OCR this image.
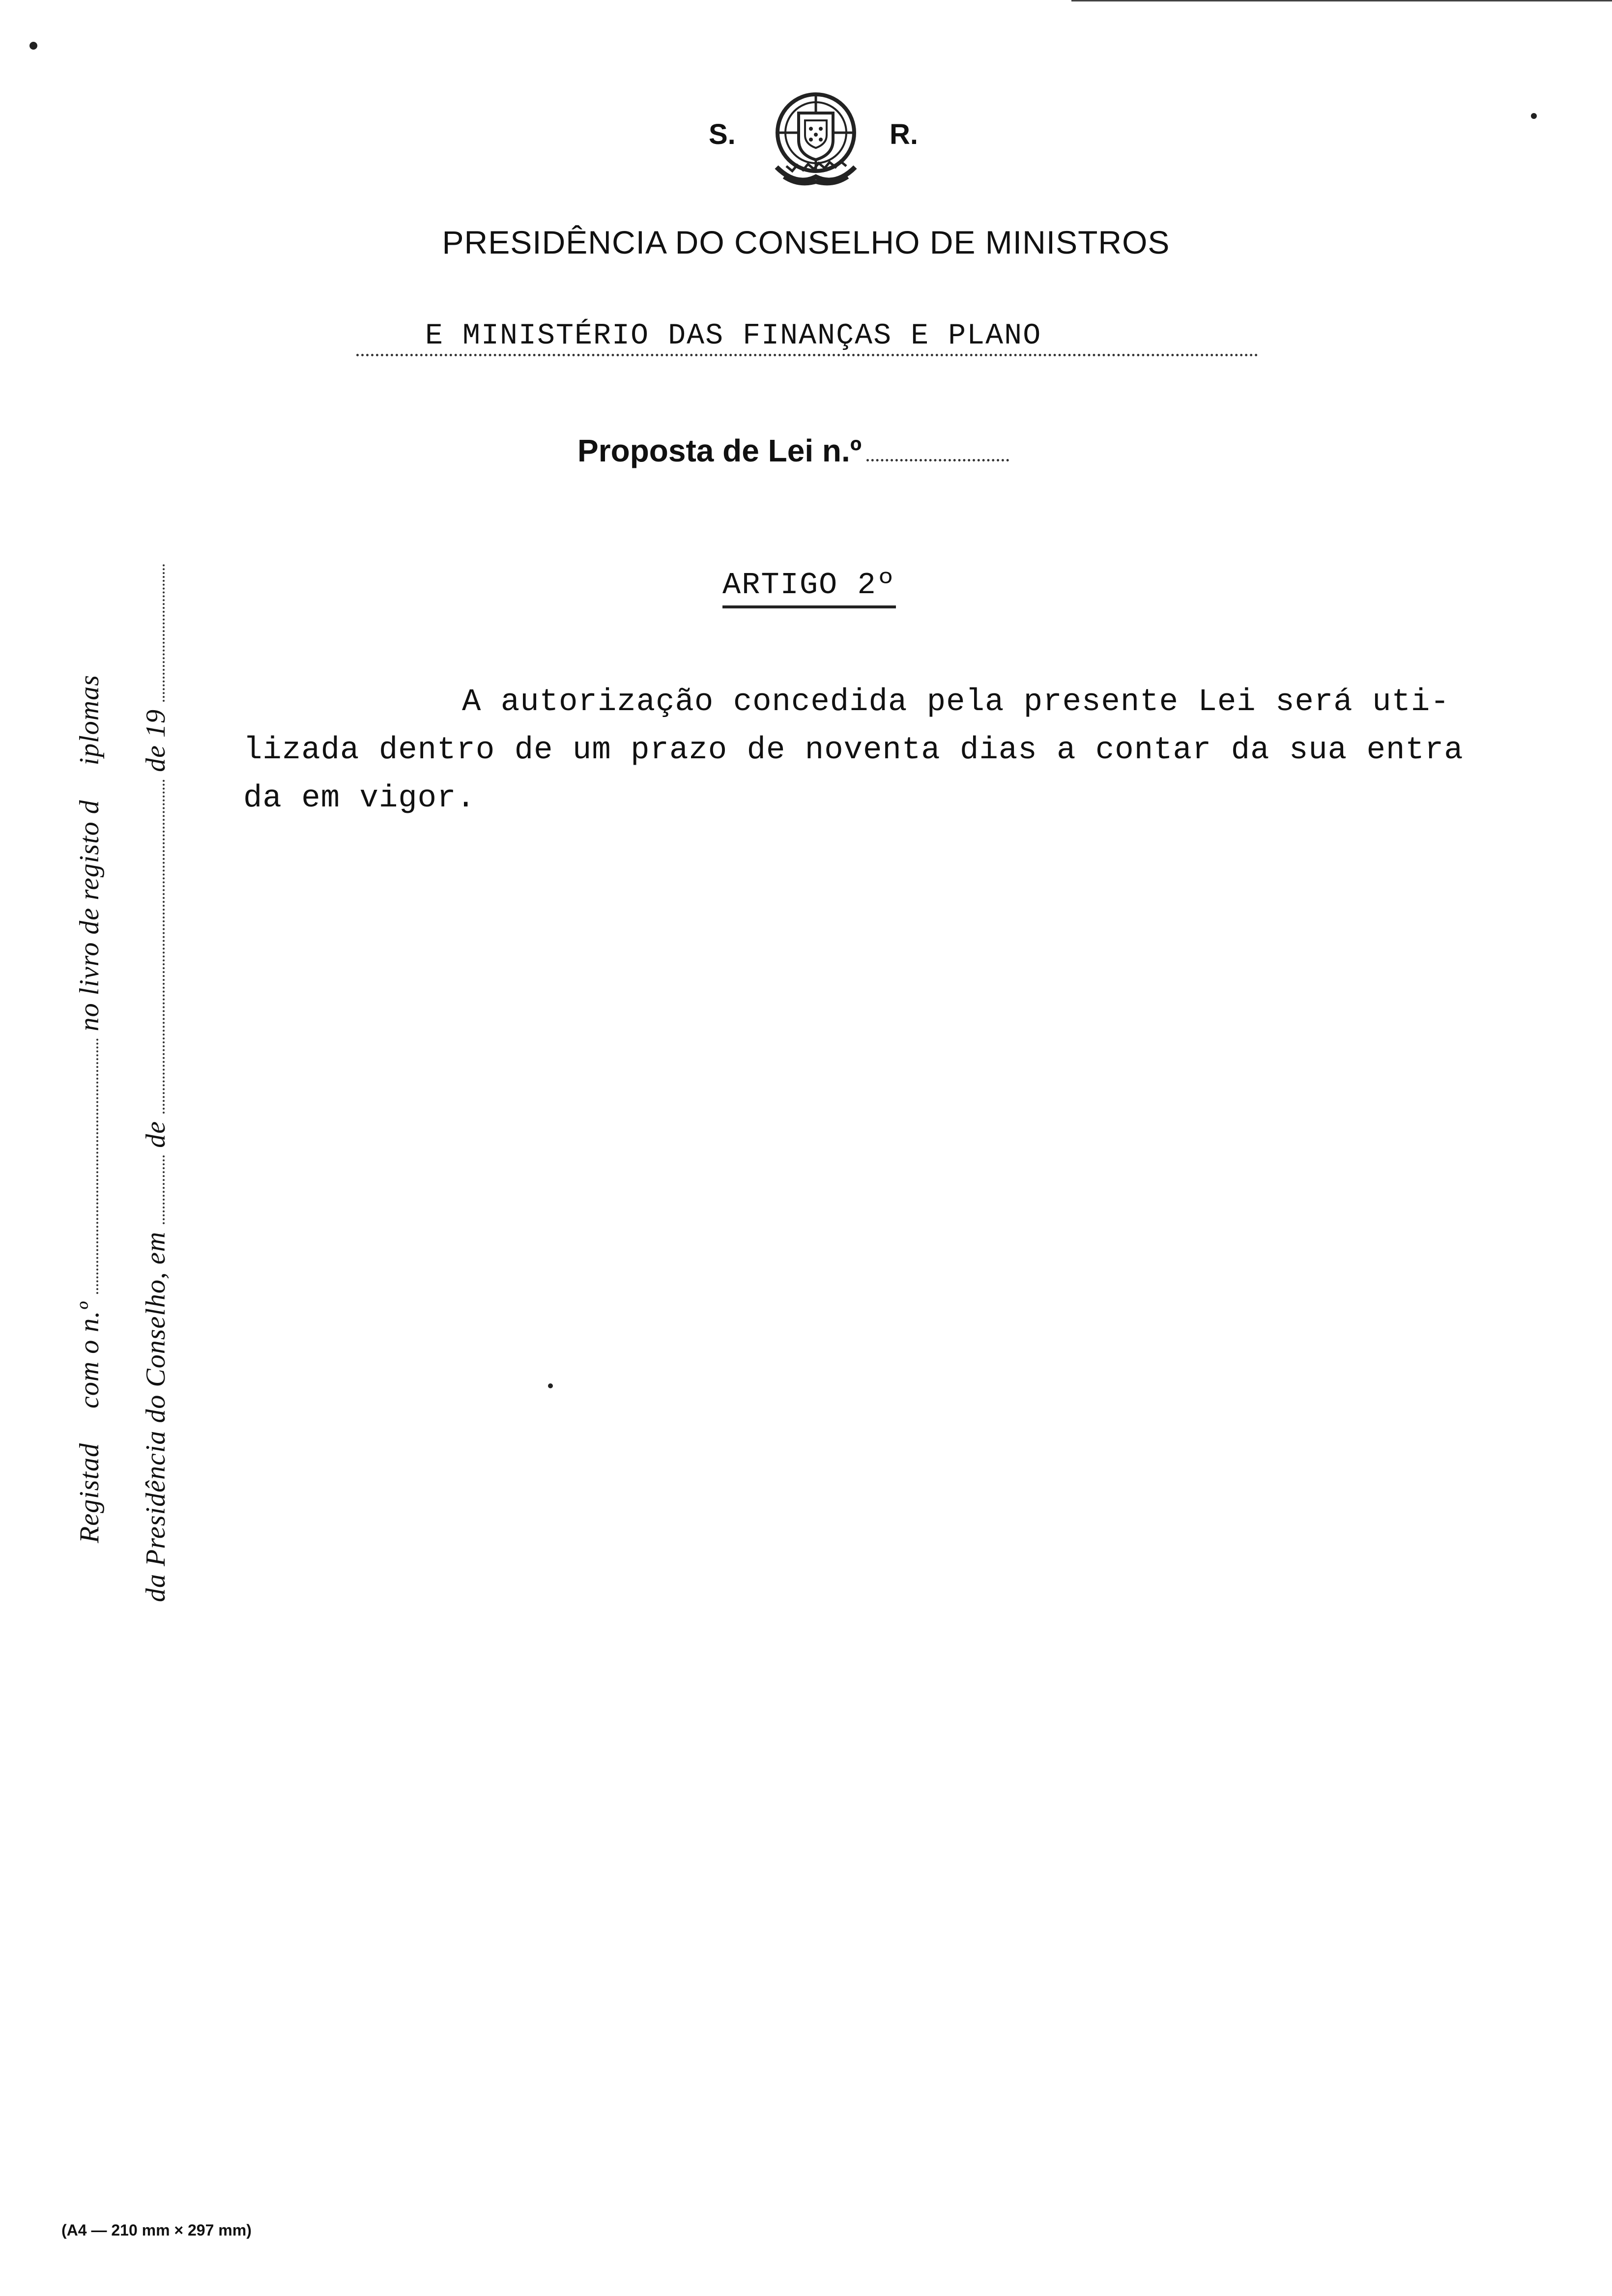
S.	R.
PRESIDÊNCIA DO CONSELHO DE MINISTROS
E MINISTÉRIO DAS FINANÇAS E PLANO
Proposta de Lei n.º
ARTIGO 2º
A autorização concedida pela presente Lei será uti-
lizada dentro de um prazo de noventa dias a contar da sua entra
da em vigor.
Registadcom o n.º  no livro de registo diplomas
da Presidência do Conselho, em  de  de 19
(A4 — 210 mm × 297 mm)
